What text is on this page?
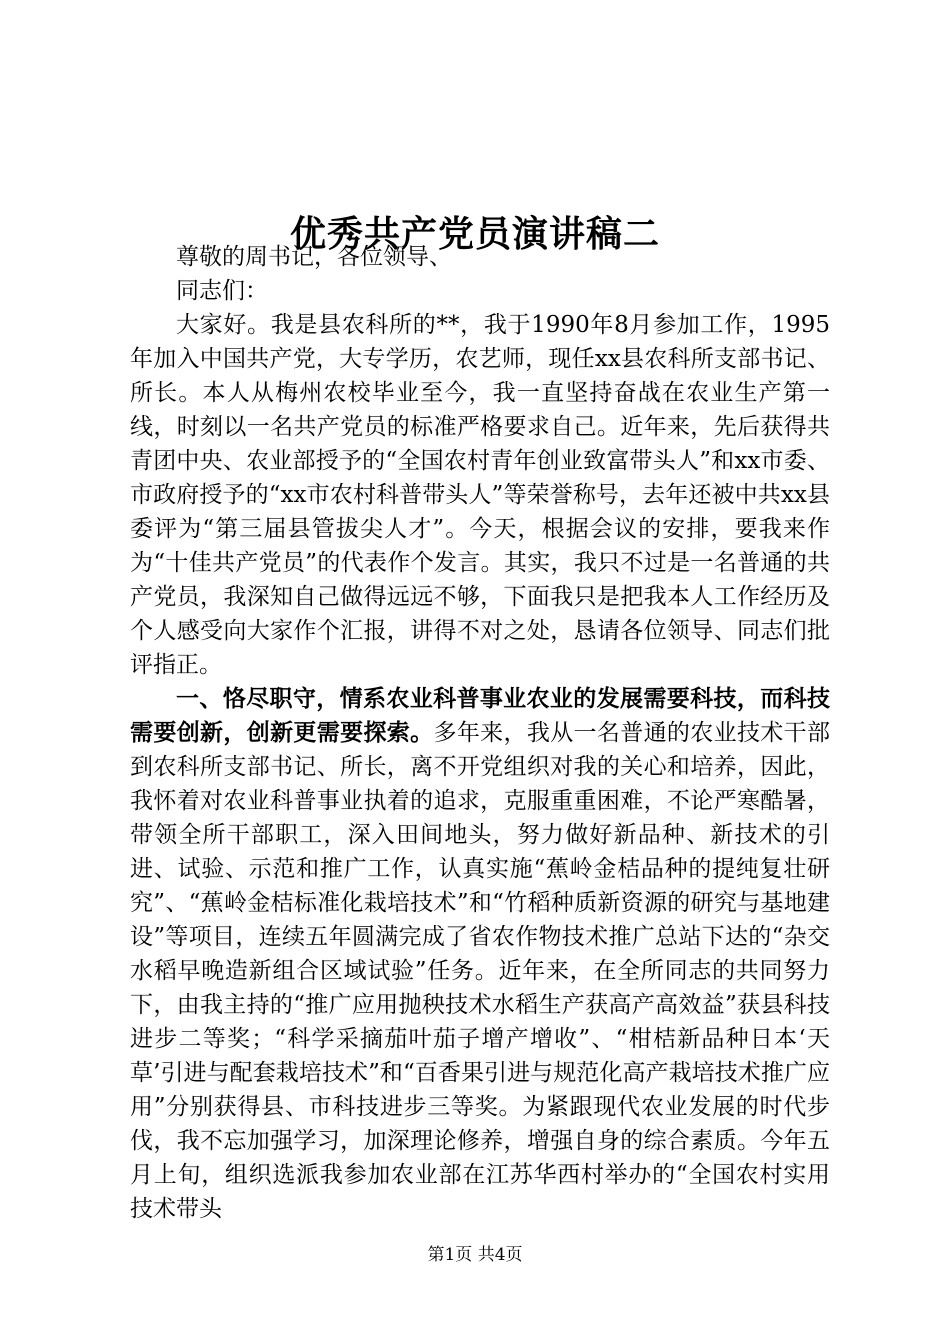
优秀共产党员演讲稿二

尊敬的周书记，各位领导、

同志们：

大家好。我是县农科所的**，我于1990年8月参加工作，1995年加入中国共产党，大专学历，农艺师，现任xx县农科所支部书记、所长。本人从梅州农校毕业至今，我一直坚持奋战在农业生产第一线，时刻以一名共产党员的标准严格要求自己。近年来，先后获得共青团中央、农业部授予的“全国农村青年创业致富带头人”和xx市委、市政府授予的“xx市农村科普带头人”等荣誉称号，去年还被中共xx县委评为“第三届县管拔尖人才”。今天，根据会议的安排，要我来作为“十佳共产党员”的代表作个发言。其实，我只不过是一名普通的共产党员，我深知自己做得远远不够，下面我只是把我本人工作经历及个人感受向大家作个汇报，讲得不对之处，恳请各位领导、同志们批评指正。

一、恪尽职守，情系农业科普事业农业的发展需要科技，而科技需要创新，创新更需要探索。多年来，我从一名普通的农业技术干部到农科所支部书记、所长，离不开党组织对我的关心和培养，因此，我怀着对农业科普事业执着的追求，克服重重困难，不论严寒酷暑，带领全所干部职工，深入田间地头，努力做好新品种、新技术的引进、试验、示范和推广工作，认真实施“蕉岭金桔品种的提纯复壮研究”、“蕉岭金桔标准化栽培技术”和“竹稻种质新资源的研究与基地建设”等项目，连续五年圆满完成了省农作物技术推广总站下达的“杂交水稻早晚造新组合区域试验”任务。近年来，在全所同志的共同努力下，由我主持的“推广应用抛秧技术水稻生产获高产高效益”获县科技进步二等奖；“科学采摘茄叶茄子增产增收”、“柑桔新品种日本‘天草’引进与配套栽培技术”和“百香果引进与规范化高产栽培技术推广应用”分别获得县、市科技进步三等奖。为紧跟现代农业发展的时代步伐，我不忘加强学习，加深理论修养，增强自身的综合素质。今年五月上旬，组织选派我参加农业部在江苏华西村举办的“全国农村实用技术带头

第1页 共4页
